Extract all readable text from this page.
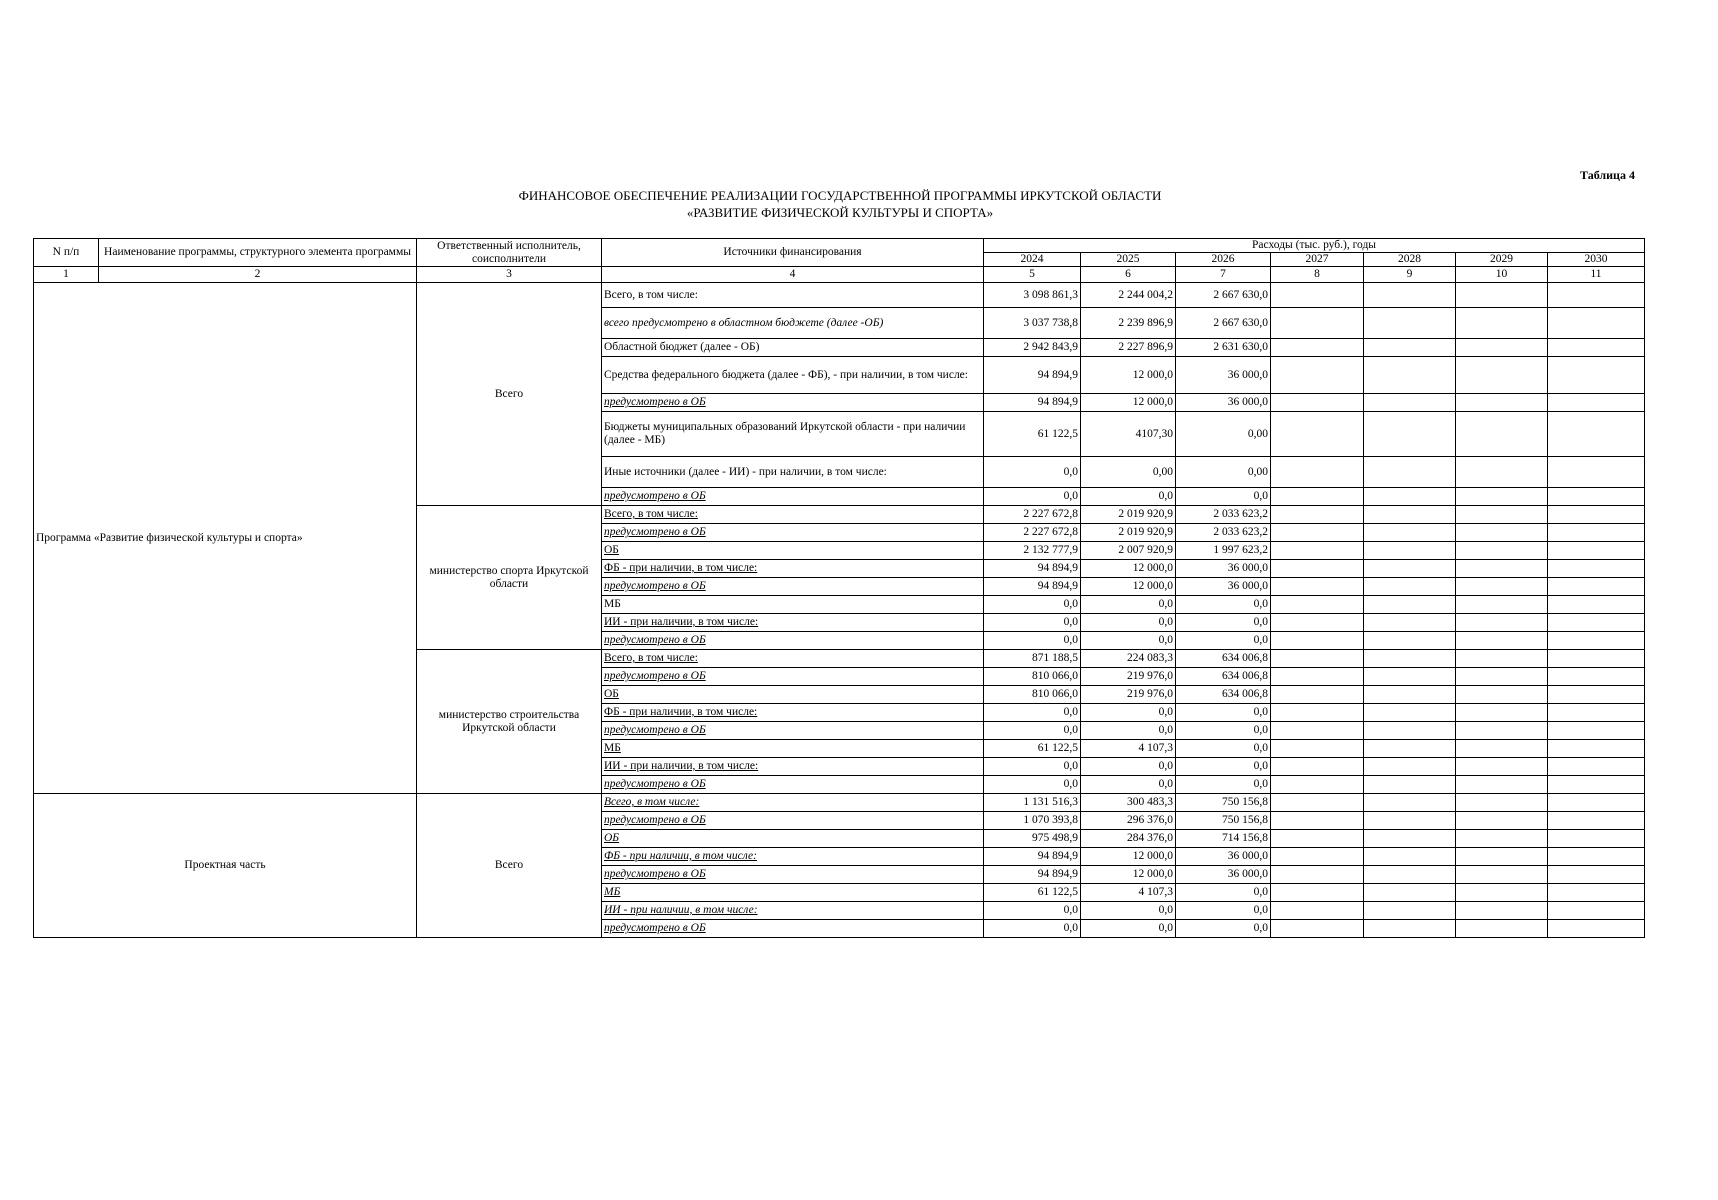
Таблица 4
ФИНАНСОВОЕ ОБЕСПЕЧЕНИЕ РЕАЛИЗАЦИИ ГОСУДАРСТВЕННОЙ ПРОГРАММЫ ИРКУТСКОЙ ОБЛАСТИ
«РАЗВИТИЕ ФИЗИЧЕСКОЙ КУЛЬТУРЫ И СПОРТА»
N п/п	Наименование программы, структурного элемента программы	Ответственный исполнитель, соисполнители	Источники финансирования	Расходы (тыс. руб.), годы						
				2024	2025	2026	2027	2028	2029	2030
1	2	3	4	5	6	7	8	9	10	11
Программа «Развитие физической культуры и спорта»		Всего	Всего, в том числе:	3 098 861,3	2 244 004,2	2 667 630,0				
			всего предусмотрено в областном бюджете (далее -ОБ)	3 037 738,8	2 239 896,9	2 667 630,0				
			Областной бюджет (далее - ОБ)	2 942 843,9	2 227 896,9	2 631 630,0				
			Средства федерального бюджета (далее - ФБ), - при наличии, в том числе:	94 894,9	12 000,0	36 000,0				
			предусмотрено в ОБ	94 894,9	12 000,0	36 000,0				
			Бюджеты муниципальных образований Иркутской области - при наличии (далее - МБ)	61 122,5	4107,30	0,00				
			Иные источники (далее - ИИ) - при наличии, в том числе:	0,0	0,00	0,00				
			предусмотрено в ОБ	0,0	0,0	0,0				
		министерство спорта Иркутской области	Всего, в том числе:	2 227 672,8	2 019 920,9	2 033 623,2				
			предусмотрено в ОБ	2 227 672,8	2 019 920,9	2 033 623,2				
			ОБ	2 132 777,9	2 007 920,9	1 997 623,2				
			ФБ - при наличии, в том числе:	94 894,9	12 000,0	36 000,0				
			предусмотрено в ОБ	94 894,9	12 000,0	36 000,0				
			МБ	0,0	0,0	0,0				
			ИИ - при наличии, в том числе:	0,0	0,0	0,0				
			предусмотрено в ОБ	0,0	0,0	0,0				
		министерство строительства Иркутской области	Всего, в том числе:	871 188,5	224 083,3	634 006,8				
			предусмотрено в ОБ	810 066,0	219 976,0	634 006,8				
			ОБ	810 066,0	219 976,0	634 006,8				
			ФБ - при наличии, в том числе:	0,0	0,0	0,0				
			предусмотрено в ОБ	0,0	0,0	0,0				
			МБ	61 122,5	4 107,3	0,0				
			ИИ - при наличии, в том числе:	0,0	0,0	0,0				
			предусмотрено в ОБ	0,0	0,0	0,0				
Проектная часть		Всего	Всего, в том числе:	1 131 516,3	300 483,3	750 156,8				
			предусмотрено в ОБ	1 070 393,8	296 376,0	750 156,8				
			ОБ	975 498,9	284 376,0	714 156,8				
			ФБ - при наличии, в том числе:	94 894,9	12 000,0	36 000,0				
			предусмотрено в ОБ	94 894,9	12 000,0	36 000,0				
			МБ	61 122,5	4 107,3	0,0				
			ИИ - при наличии, в том числе:	0,0	0,0	0,0				
			предусмотрено в ОБ	0,0	0,0	0,0				
